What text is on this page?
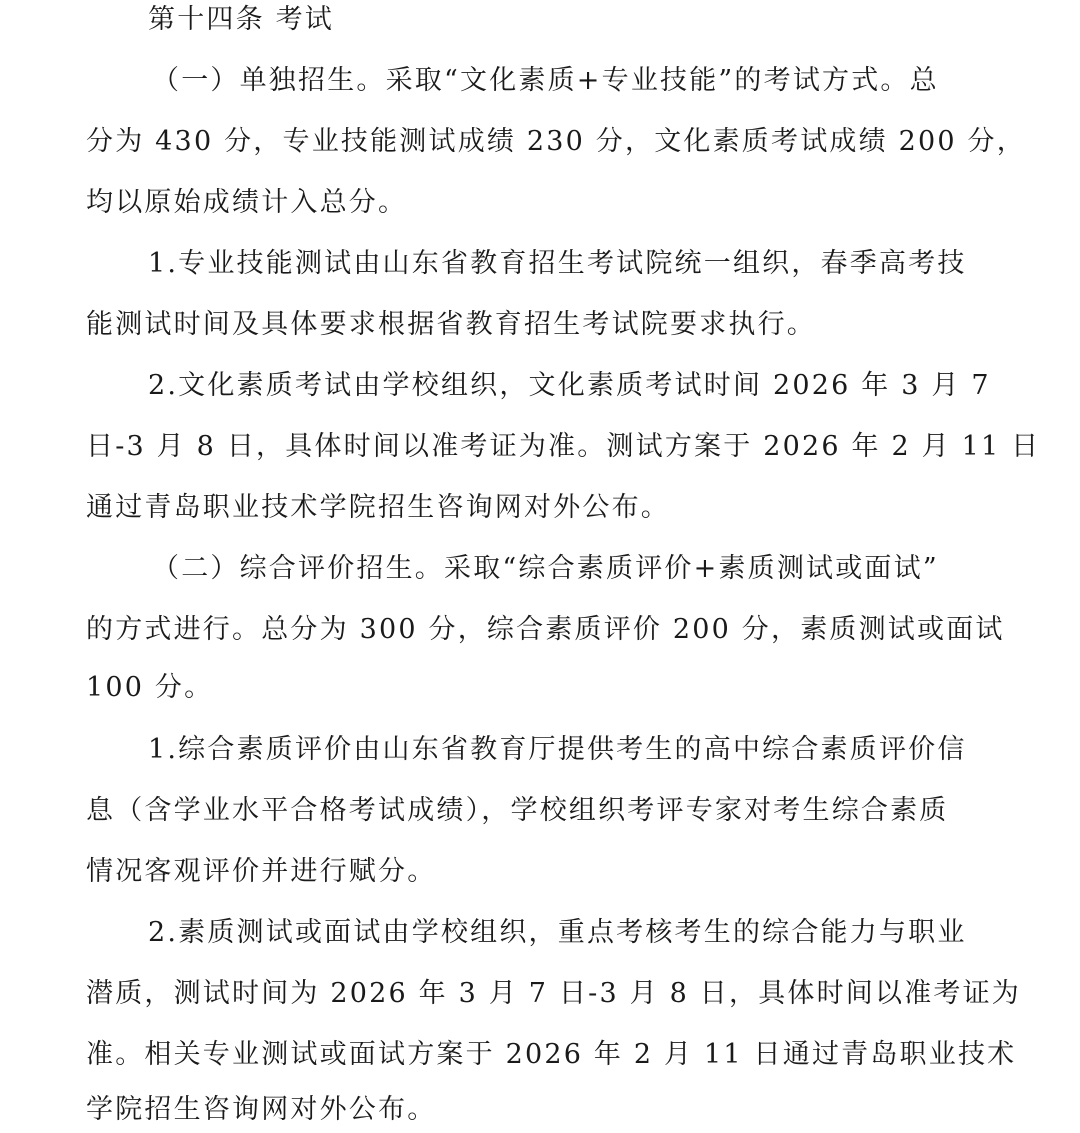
第十四条 考试
（一）单独招生。采取“文化素质+专业技能”的考试方式。总
分为 430 分，专业技能测试成绩 230 分，文化素质考试成绩 200 分，
均以原始成绩计入总分。
1.专业技能测试由山东省教育招生考试院统一组织，春季高考技
能测试时间及具体要求根据省教育招生考试院要求执行。
2.文化素质考试由学校组织，文化素质考试时间 2026 年 3 月 7
日-3 月 8 日，具体时间以准考证为准。测试方案于 2026 年 2 月 11 日
通过青岛职业技术学院招生咨询网对外公布。
（二）综合评价招生。采取“综合素质评价+素质测试或面试”
的方式进行。总分为 300 分，综合素质评价 200 分，素质测试或面试
100 分。
1.综合素质评价由山东省教育厅提供考生的高中综合素质评价信
息（含学业水平合格考试成绩），学校组织考评专家对考生综合素质
情况客观评价并进行赋分。
2.素质测试或面试由学校组织，重点考核考生的综合能力与职业
潜质，测试时间为 2026 年 3 月 7 日-3 月 8 日，具体时间以准考证为
准。相关专业测试或面试方案于 2026 年 2 月 11 日通过青岛职业技术
学院招生咨询网对外公布。
